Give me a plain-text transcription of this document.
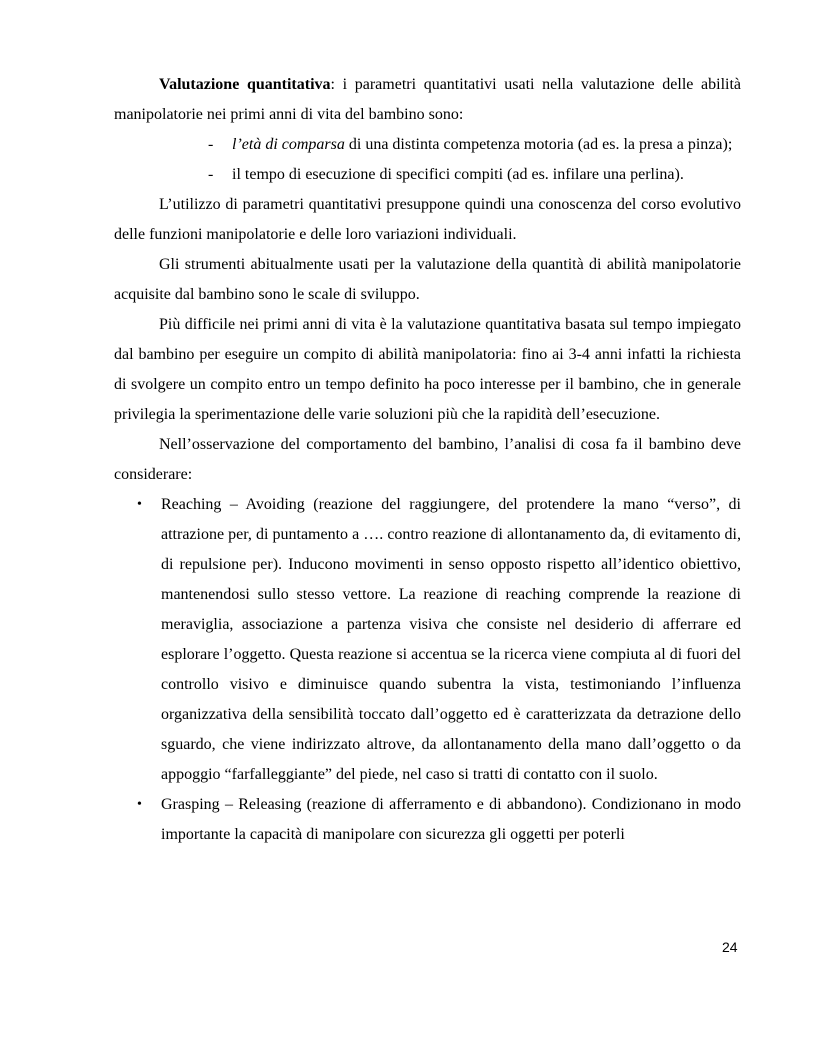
Valutazione quantitativa: i parametri quantitativi usati nella valutazione delle abilità manipolatorie nei primi anni di vita del bambino sono:

- l’età di comparsa di una distinta competenza motoria (ad es. la presa a pinza);
- il tempo di esecuzione di specifici compiti (ad es. infilare una perlina).

L’utilizzo di parametri quantitativi presuppone quindi una conoscenza del corso evolutivo delle funzioni manipolatorie e delle loro variazioni individuali.

Gli strumenti abitualmente usati per la valutazione della quantità di abilità manipolatorie acquisite dal bambino sono le scale di sviluppo.

Più difficile nei primi anni di vita è la valutazione quantitativa basata sul tempo impiegato dal bambino per eseguire un compito di abilità manipolatoria: fino ai 3-4 anni infatti la richiesta di svolgere un compito entro un tempo definito ha poco interesse per il bambino, che in generale privilegia la sperimentazione delle varie soluzioni più che la rapidità dell’esecuzione.

Nell’osservazione del comportamento del bambino, l’analisi di cosa fa il bambino deve considerare:

• Reaching – Avoiding (reazione del raggiungere, del protendere la mano “verso”, di attrazione per, di puntamento a …. contro reazione di allontanamento da, di evitamento di, di repulsione per). Inducono movimenti in senso opposto rispetto all’identico obiettivo, mantenendosi sullo stesso vettore. La reazione di reaching comprende la reazione di meraviglia, associazione a partenza visiva che consiste nel desiderio di afferrare ed esplorare l’oggetto. Questa reazione si accentua se la ricerca viene compiuta al di fuori del controllo visivo e diminuisce quando subentra la vista, testimoniando l’influenza organizzativa della sensibilità toccato dall’oggetto ed è caratterizzata da detrazione dello sguardo, che viene indirizzato altrove, da allontanamento della mano dall’oggetto o da appoggio “farfalleggiante” del piede, nel caso si tratti di contatto con il suolo.
• Grasping – Releasing (reazione di afferramento e di abbandono). Condizionano in modo importante la capacità di manipolare con sicurezza gli oggetti per poterli
24
